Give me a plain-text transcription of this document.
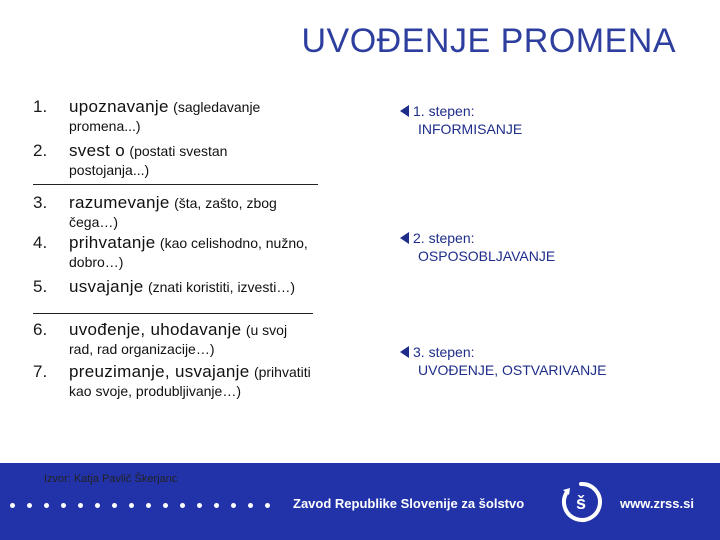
UVOĐENJE PROMENA
1. upoznavanje (sagledavanje
promena...)
2. svest o (postati svestan
postojanja...)
3. razumevanje (šta, zašto, zbog
čega…)
4. prihvatanje (kao celishodno, nužno,
dobro…)
5. usvajanje (znati koristiti, izvesti…)
6. uvođenje, uhodavanje (u svoj
rad, rad organizacije…)
7. preuzimanje, usvajanje (prihvatiti
kao svoje, produbljivanje…)
1. stepen:
INFORMISANJE
2. stepen:
OSPOSOBLJAVANJE
3. stepen:
UVOĐENJE, OSTVARIVANJE
Zavod Republike Slovenije za šolstvo	š	www.zrss.si
Izvor: Katja Pavlič Škerjanc
